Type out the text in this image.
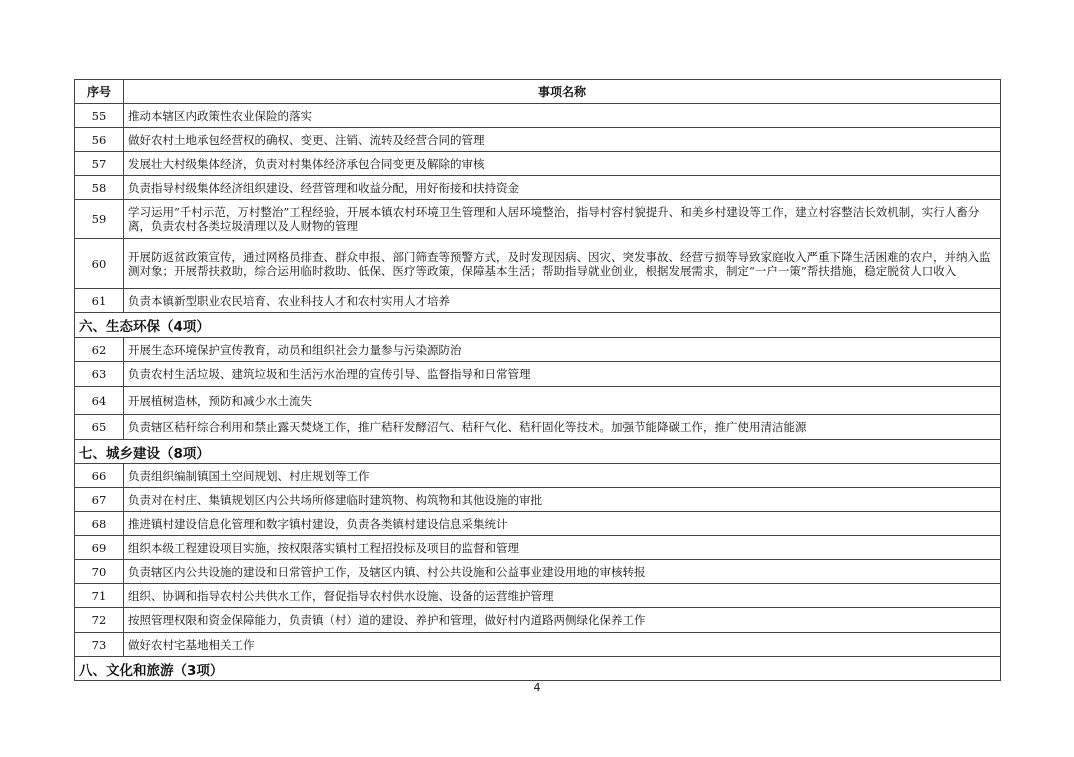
序号	事项名称
55	推动本辖区内政策性农业保险的落实
56	做好农村土地承包经营权的确权、变更、注销、流转及经营合同的管理
57	发展壮大村级集体经济，负责对村集体经济承包合同变更及解除的审核
58	负责指导村级集体经济组织建设、经营管理和收益分配，用好衔接和扶持资金
59	学习运用“千村示范，万村整治”工程经验，开展本镇农村环境卫生管理和人居环境整治，指导村容村貌提升、和美乡村建设等工作，建立村容整洁长效机制，实行人畜分离，负责农村各类垃圾清理以及人财物的管理
60	开展防返贫政策宣传，通过网格员排查、群众申报、部门筛查等预警方式，及时发现因病、因灾、突发事故、经营亏损等导致家庭收入严重下降生活困难的农户，并纳入监测对象；开展帮扶救助，综合运用临时救助、低保、医疗等政策，保障基本生活；帮助指导就业创业，根据发展需求，制定“一户一策”帮扶措施，稳定脱贫人口收入
61	负责本镇新型职业农民培育、农业科技人才和农村实用人才培养
六、生态环保（4项）	
62	开展生态环境保护宣传教育，动员和组织社会力量参与污染源防治
63	负责农村生活垃圾、建筑垃圾和生活污水治理的宣传引导、监督指导和日常管理
64	开展植树造林，预防和减少水土流失
65	负责辖区秸秆综合利用和禁止露天焚烧工作，推广秸秆发酵沼气、秸秆气化、秸秆固化等技术。加强节能降碳工作，推广使用清洁能源
七、城乡建设（8项）	
66	负责组织编制镇国土空间规划、村庄规划等工作
67	负责对在村庄、集镇规划区内公共场所修建临时建筑物、构筑物和其他设施的审批
68	推进镇村建设信息化管理和数字镇村建设，负责各类镇村建设信息采集统计
69	组织本级工程建设项目实施，按权限落实镇村工程招投标及项目的监督和管理
70	负责辖区内公共设施的建设和日常管护工作，及辖区内镇、村公共设施和公益事业建设用地的审核转报
71	组织、协调和指导农村公共供水工作，督促指导农村供水设施、设备的运营维护管理
72	按照管理权限和资金保障能力，负责镇（村）道的建设、养护和管理，做好村内道路两侧绿化保养工作
73	做好农村宅基地相关工作
八、文化和旅游（3项）	
4
